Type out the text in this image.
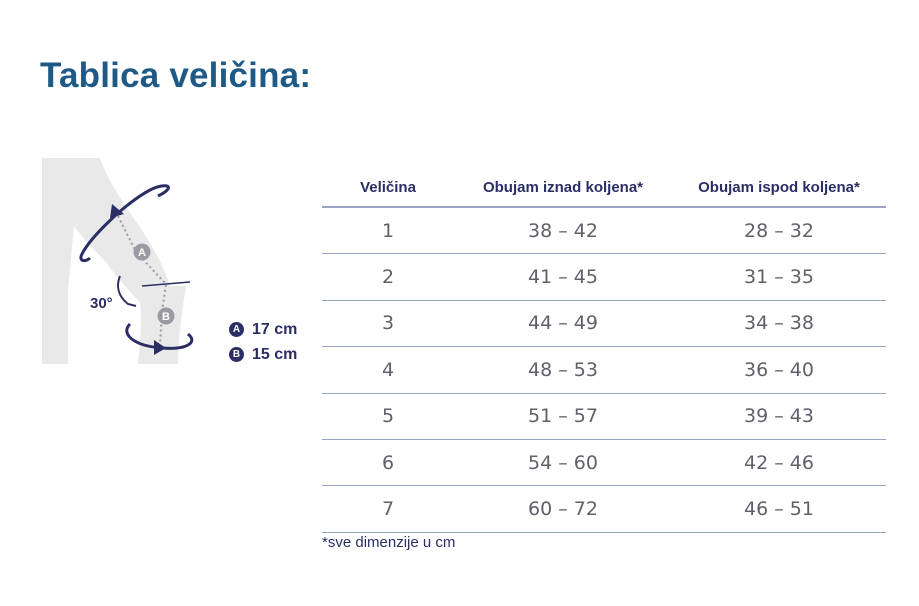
Tablica veličina:
A
B
30°
A 17 cm
B 15 cm
Veličina	Obujam iznad koljena*	Obujam ispod koljena*
1	38 – 42	28 – 32
2	41 – 45	31 – 35
3	44 – 49	34 – 38
4	48 – 53	36 – 40
5	51 – 57	39 – 43
6	54 – 60	42 – 46
7	60 – 72	46 – 51
*sve dimenzije u cm
